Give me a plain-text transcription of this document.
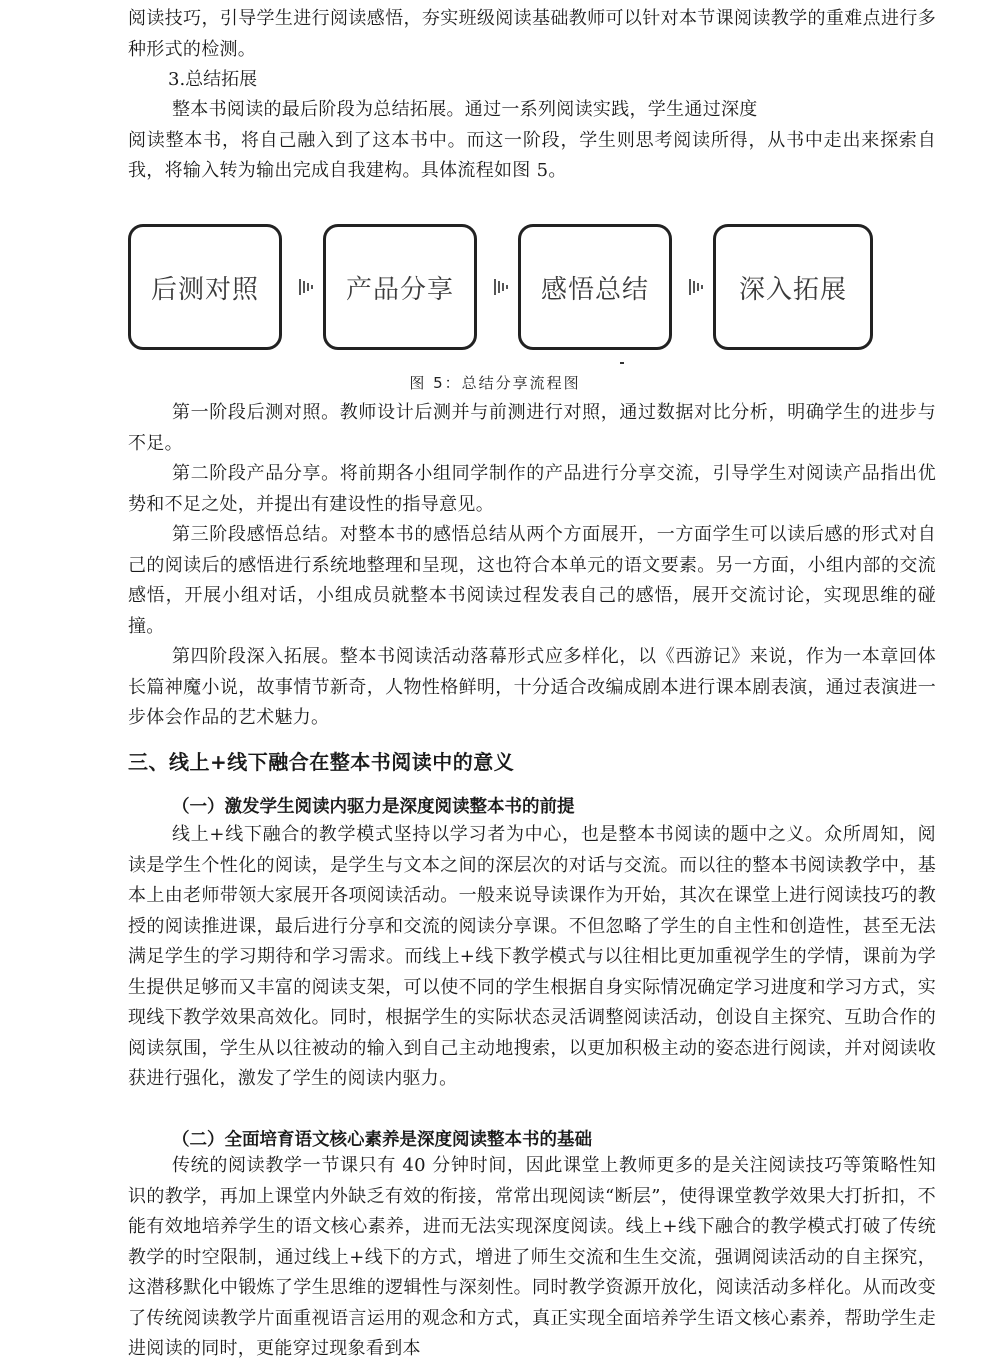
阅读技巧，引导学生进行阅读感悟，夯实班级阅读基础教师可以针对本节课阅读教学的重难点进行多种形式的检测。

3.总结拓展

整本书阅读的最后阶段为总结拓展。通过一系列阅读实践，学生通过深度

阅读整本书，将自己融入到了这本书中。而这一阶段，学生则思考阅读所得，从书中走出来探索自我，将输入转为输出完成自我建构。具体流程如图 5。

后测对照	产品分享	感悟总结	深入拓展
图 5：总结分享流程图

第一阶段后测对照。教师设计后测并与前测进行对照，通过数据对比分析，明确学生的进步与不足。

第二阶段产品分享。将前期各小组同学制作的产品进行分享交流，引导学生对阅读产品指出优势和不足之处，并提出有建设性的指导意见。

第三阶段感悟总结。对整本书的感悟总结从两个方面展开，一方面学生可以读后感的形式对自己的阅读后的感悟进行系统地整理和呈现，这也符合本单元的语文要素。另一方面，小组内部的交流感悟，开展小组对话，小组成员就整本书阅读过程发表自己的感悟，展开交流讨论，实现思维的碰撞。

第四阶段深入拓展。整本书阅读活动落幕形式应多样化，以《西游记》来说，作为一本章回体长篇神魔小说，故事情节新奇，人物性格鲜明，十分适合改编成剧本进行课本剧表演，通过表演进一步体会作品的艺术魅力。

三、线上+线下融合在整本书阅读中的意义

（一）激发学生阅读内驱力是深度阅读整本书的前提

线上+线下融合的教学模式坚持以学习者为中心，也是整本书阅读的题中之义。众所周知，阅读是学生个性化的阅读，是学生与文本之间的深层次的对话与交流。而以往的整本书阅读教学中，基本上由老师带领大家展开各项阅读活动。一般来说导读课作为开始，其次在课堂上进行阅读技巧的教授的阅读推进课，最后进行分享和交流的阅读分享课。不但忽略了学生的自主性和创造性，甚至无法满足学生的学习期待和学习需求。而线上+线下教学模式与以往相比更加重视学生的学情，课前为学生提供足够而又丰富的阅读支架，可以使不同的学生根据自身实际情况确定学习进度和学习方式，实现线下教学效果高效化。同时，根据学生的实际状态灵活调整阅读活动，创设自主探究、互助合作的阅读氛围，学生从以往被动的输入到自己主动地搜索，以更加积极主动的姿态进行阅读，并对阅读收获进行强化，激发了学生的阅读内驱力。

（二）全面培育语文核心素养是深度阅读整本书的基础

传统的阅读教学一节课只有 40 分钟时间，因此课堂上教师更多的是关注阅读技巧等策略性知识的教学，再加上课堂内外缺乏有效的衔接，常常出现阅读“断层”，使得课堂教学效果大打折扣，不能有效地培养学生的语文核心素养，进而无法实现深度阅读。线上+线下融合的教学模式打破了传统教学的时空限制，通过线上+线下的方式，增进了师生交流和生生交流，强调阅读活动的自主探究，这潜移默化中锻炼了学生思维的逻辑性与深刻性。同时教学资源开放化，阅读活动多样化。从而改变了传统阅读教学片面重视语言运用的观念和方式，真正实现全面培养学生语文核心素养，帮助学生走进阅读的同时，更能穿过现象看到本
